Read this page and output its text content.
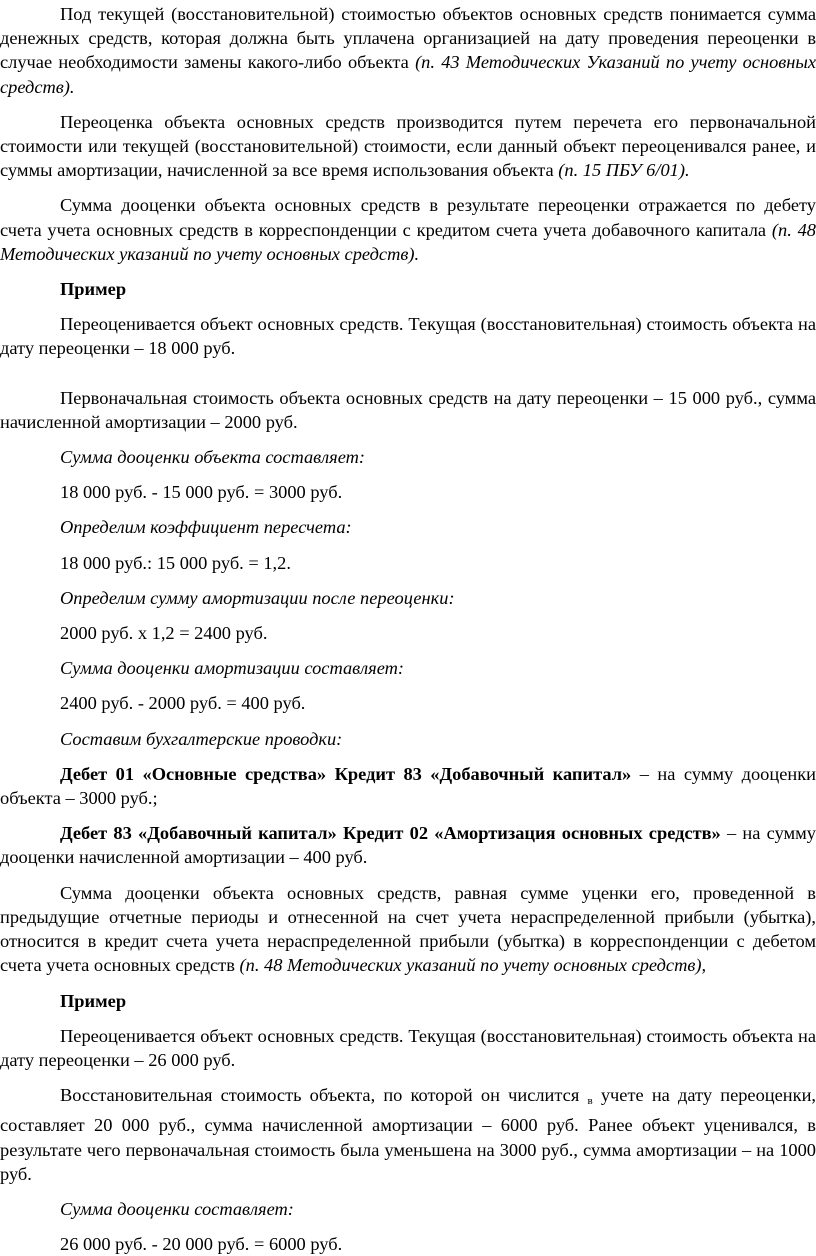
Под текущей (восстановительной) стоимостью объектов основных средств понимается сумма денежных средств, которая должна быть уплачена организацией на дату проведения переоценки в случае необходимости замены какого-либо объекта (п. 43 Методических Указаний по учету основных средств).

Переоценка объекта основных средств производится путем перечета его первоначальной стоимости или текущей (восстановительной) стоимости, если данный объект переоценивался ранее, и суммы амортизации, начисленной за все время использования объекта (п. 15 ПБУ 6/01).

Сумма дооценки объекта основных средств в результате переоценки отражается по дебету счета учета основных средств в корреспонденции с кредитом счета учета добавочного капитала (п. 48 Методических указаний по учету основных средств).

Пример

Переоценивается объект основных средств. Текущая (восстановительная) стоимость объекта на дату переоценки – 18 000 руб.

Первоначальная стоимость объекта основных средств на дату переоценки – 15 000 руб., сумма начисленной амортизации – 2000 руб.

Сумма дооценки объекта составляет:

18 000 руб. - 15 000 руб. = 3000 руб.

Определим коэффициент пересчета:

18 000 руб.: 15 000 руб. = 1,2.

Определим сумму амортизации после переоценки:

2000 руб. х 1,2 = 2400 руб.

Сумма дооценки амортизации составляет:

2400 руб. - 2000 руб. = 400 руб.

Составим бухгалтерские проводки:

Дебет 01 «Основные средства» Кредит 83 «Добавочный капитал» – на сумму дооценки объекта – 3000 руб.;

Дебет 83 «Добавочный капитал» Кредит 02 «Амортизация основных средств» – на сумму дооценки начисленной амортизации – 400 руб.

Сумма дооценки объекта основных средств, равная сумме уценки его, проведенной в предыдущие отчетные периоды и отнесенной на счет учета нераспределенной прибыли (убытка), относится в кредит счета учета нераспределенной прибыли (убытка) в корреспонденции с дебетом счета учета основных средств (п. 48 Методических указаний по учету основных средств),

Пример

Переоценивается объект основных средств. Текущая (восстановительная) стоимость объекта на дату переоценки – 26 000 руб.

Восстановительная стоимость объекта, по которой он числится в учете на дату переоценки, составляет 20 000 руб., сумма начисленной амортизации – 6000 руб. Ранее объект уценивался, в результате чего первоначальная стоимость была уменьшена на 3000 руб., сумма амортизации – на 1000 руб.

Сумма дооценки составляет:

26 000 руб. - 20 000 руб. = 6000 руб.
